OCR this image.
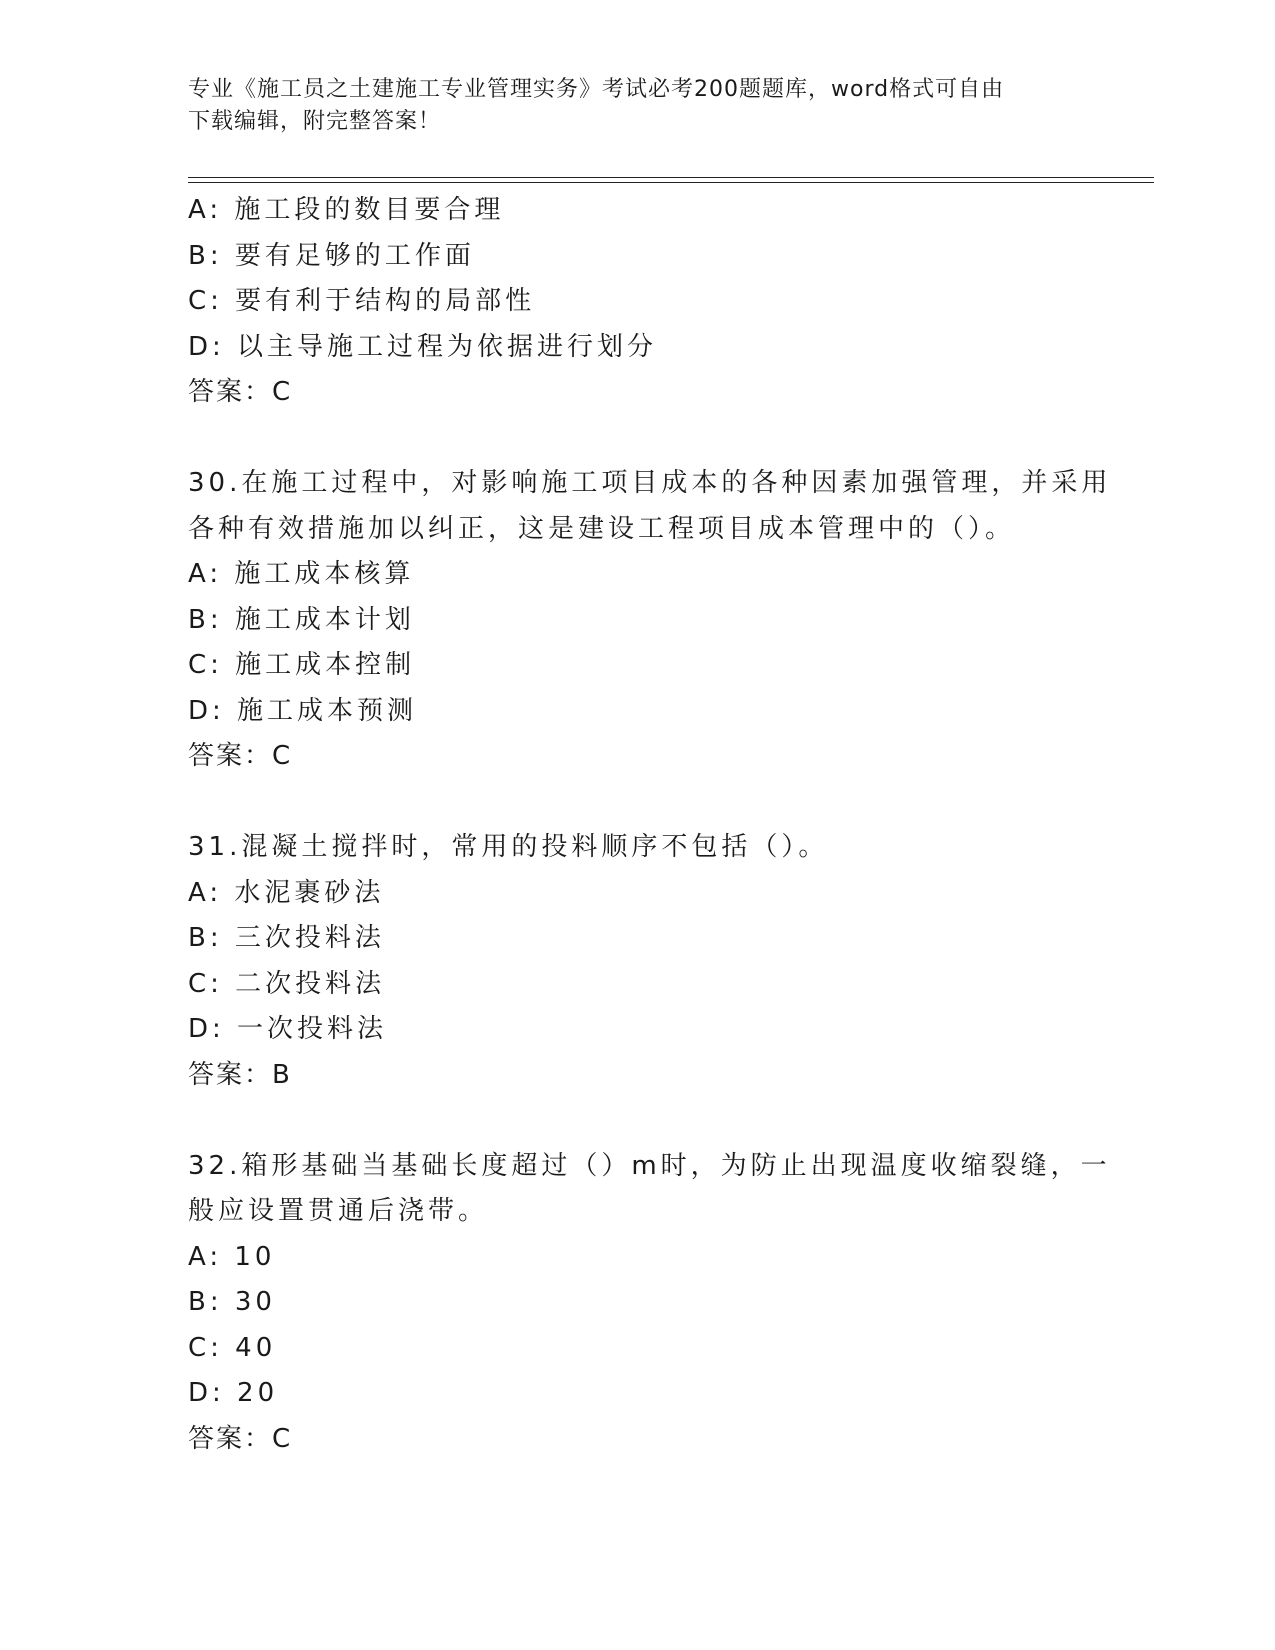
专业《施工员之土建施工专业管理实务》考试必考200题题库，word格式可自由
下载编辑，附完整答案！
A: 施工段的数目要合理
B: 要有足够的工作面
C: 要有利于结构的局部性
D: 以主导施工过程为依据进行划分
答案：C
30.在施工过程中，对影响施工项目成本的各种因素加强管理，并采用
各种有效措施加以纠正，这是建设工程项目成本管理中的（）。
A: 施工成本核算
B: 施工成本计划
C: 施工成本控制
D: 施工成本预测
答案：C
31.混凝土搅拌时，常用的投料顺序不包括（）。
A: 水泥裹砂法
B: 三次投料法
C: 二次投料法
D: 一次投料法
答案：B
32.箱形基础当基础长度超过（）m时，为防止出现温度收缩裂缝，一
般应设置贯通后浇带。
A: 10
B: 30
C: 40
D: 20
答案：C
